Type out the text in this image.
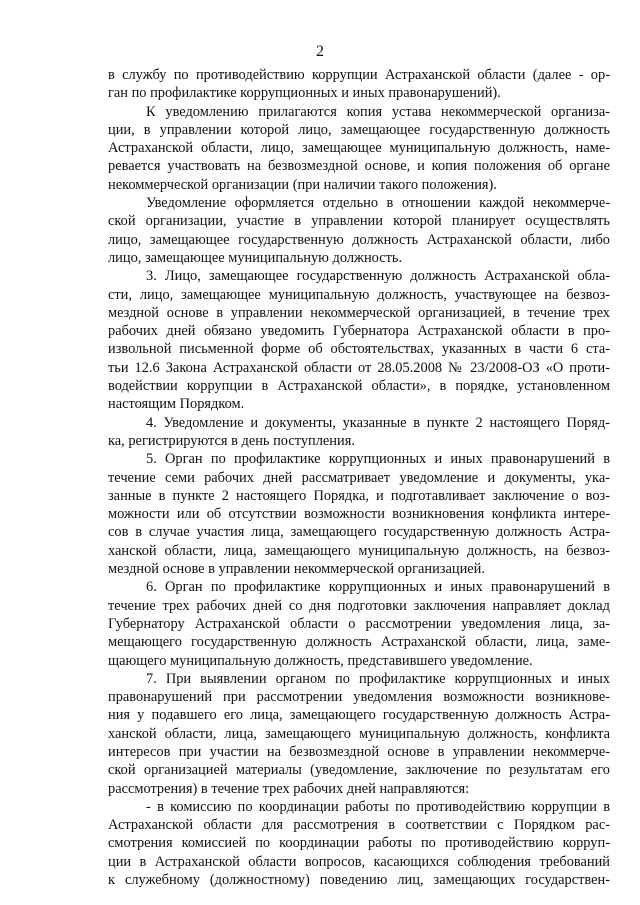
2
в службу по противодействию коррупции Астраханской области (далее - ор-
ган по профилактике коррупционных и иных правонарушений).
К уведомлению прилагаются копия устава некоммерческой организа-
ции, в управлении которой лицо, замещающее государственную должность
Астраханской области, лицо, замещающее муниципальную должность, наме-
ревается участвовать на безвозмездной основе, и копия положения об органе
некоммерческой организации (при наличии такого положения).
Уведомление оформляется отдельно в отношении каждой некоммерче-
ской организации, участие в управлении которой планирует осуществлять
лицо, замещающее государственную должность Астраханской области, либо
лицо, замещающее муниципальную должность.
3. Лицо, замещающее государственную должность Астраханской обла-
сти, лицо, замещающее муниципальную должность, участвующее на безвоз-
мездной основе в управлении некоммерческой организацией, в течение трех
рабочих дней обязано уведомить Губернатора Астраханской области в про-
извольной письменной форме об обстоятельствах, указанных в части 6 ста-
тьи 12.6 Закона Астраханской области от 28.05.2008 № 23/2008-ОЗ «О проти-
водействии коррупции в Астраханской области», в порядке, установленном
настоящим Порядком.
4. Уведомление и документы, указанные в пункте 2 настоящего Поряд-
ка, регистрируются в день поступления.
5. Орган по профилактике коррупционных и иных правонарушений в
течение семи рабочих дней рассматривает уведомление и документы, ука-
занные в пункте 2 настоящего Порядка, и подготавливает заключение о воз-
можности или об отсутствии возможности возникновения конфликта интере-
сов в случае участия лица, замещающего государственную должность Астра-
ханской области, лица, замещающего муниципальную должность, на безвоз-
мездной основе в управлении некоммерческой организацией.
6. Орган по профилактике коррупционных и иных правонарушений в
течение трех рабочих дней со дня подготовки заключения направляет доклад
Губернатору Астраханской области о рассмотрении уведомления лица, за-
мещающего государственную должность Астраханской области, лица, заме-
щающего муниципальную должность, представившего уведомление.
7. При выявлении органом по профилактике коррупционных и иных
правонарушений при рассмотрении уведомления возможности возникнове-
ния у подавшего его лица, замещающего государственную должность Астра-
ханской области, лица, замещающего муниципальную должность, конфликта
интересов при участии на безвозмездной основе в управлении некоммерче-
ской организацией материалы (уведомление, заключение по результатам его
рассмотрения) в течение трех рабочих дней направляются:
- в комиссию по координации работы по противодействию коррупции в
Астраханской области для рассмотрения в соответствии с Порядком рас-
смотрения комиссией по координации работы по противодействию корруп-
ции в Астраханской области вопросов, касающихся соблюдения требований
к служебному (должностному) поведению лиц, замещающих государствен-
